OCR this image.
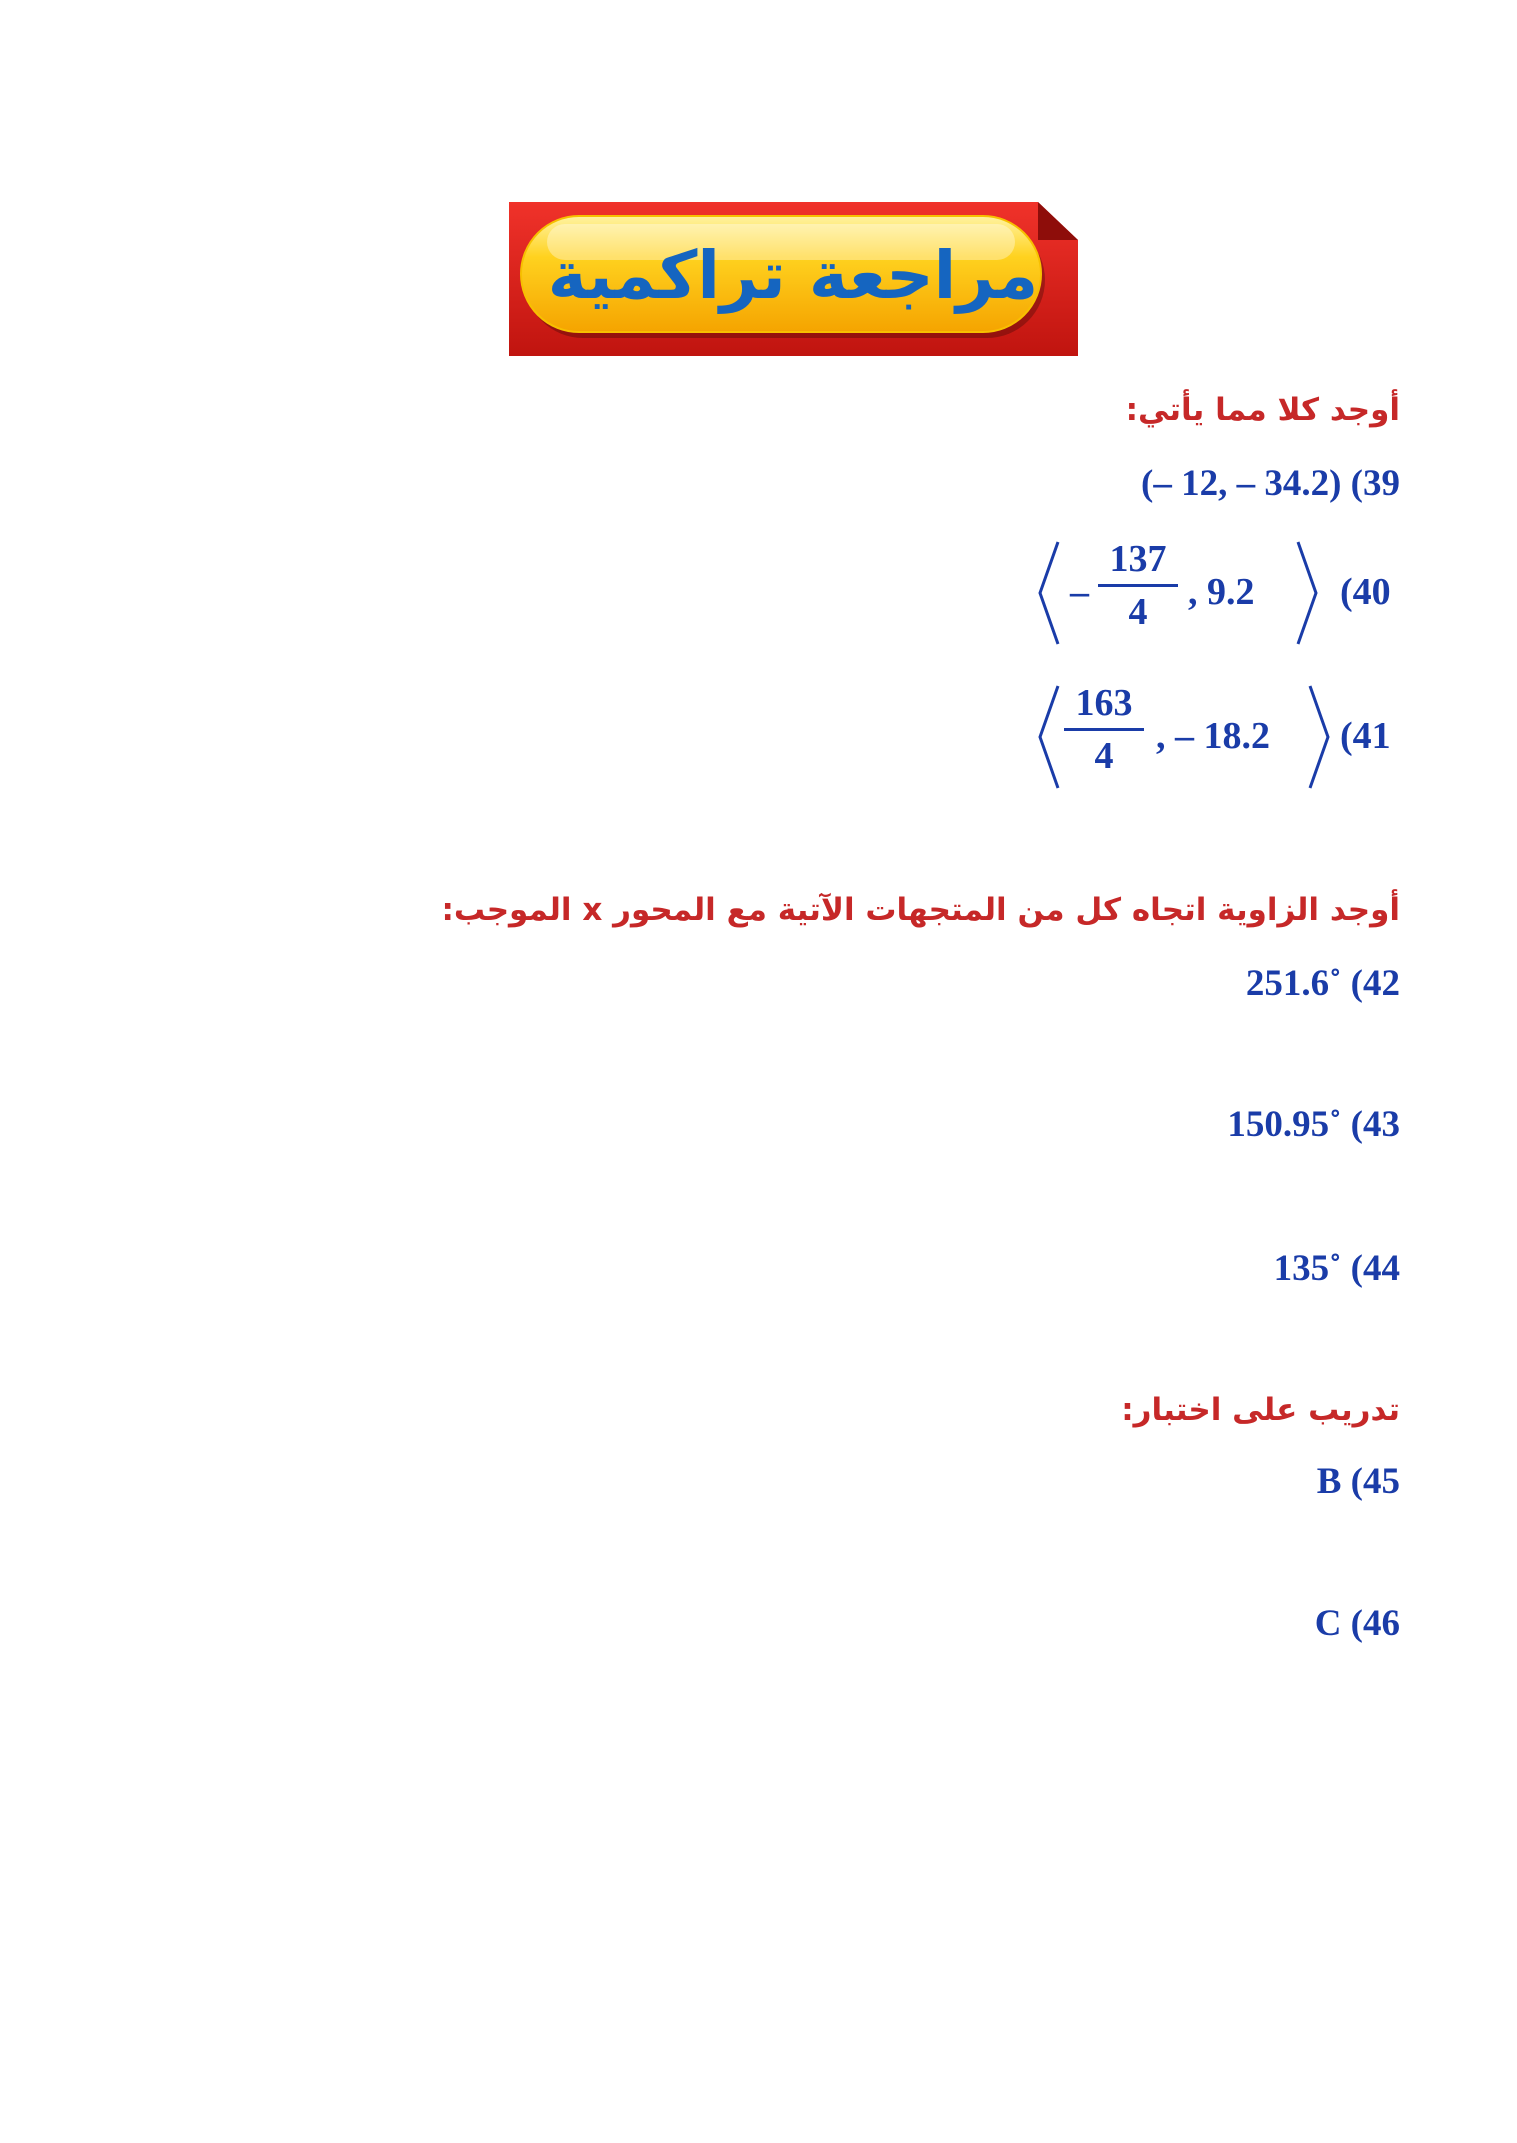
مراجعة تراكمية
أوجد كلا مما يأتي:
(– 12, – 34.2) (39
–
137
4	, 9.2 (40
163
4	, – 18.2 (41
أوجد الزاوية اتجاه كل من المتجهات الآتية مع المحور x الموجب:
251.6˚ (42
150.95˚ (43
135˚ (44
تدريب على اختبار:
B (45
C (46
